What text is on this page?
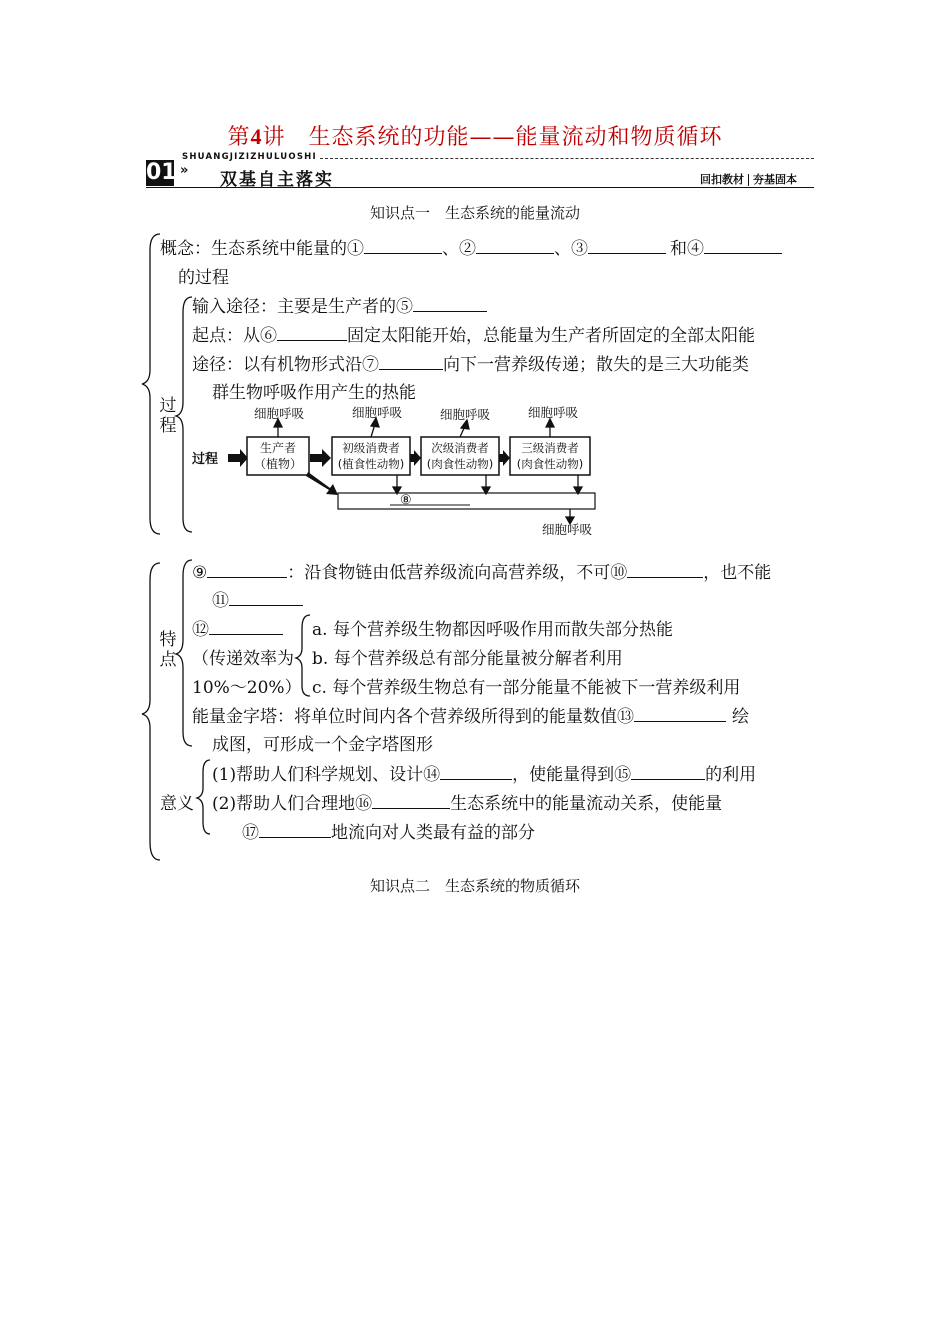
第4讲　生态系统的功能——能量流动和物质循环
01
SHUANGJIZIZHULUOSHI
» 双基自主落实	回扣教材 夯基固本
知识点一　生态系统的能量流动
概念：生态系统中能量的①	、②	、③	和④
的过程
过程
输入途径：主要是生产者的⑤
起点：从⑥	固定太阳能开始，总能量为生产者所固定的全部太阳能
途径：以有机物形式沿⑦	向下一营养级传递；散失的是三大功能类
群生物呼吸作用产生的热能
过程
细胞呼吸	细胞呼吸	细胞呼吸	细胞呼吸
生产者
（植物）
初级消费者
(植食性动物)
次级消费者
(肉食性动物)
三级消费者
(肉食性动物)
⑧
细胞呼吸
特点
⑨	：沿食物链由低营养级流向高营养级，不可⑩	，也不能
⑪
⑫
（传递效率为
10%～20%）
a. 每个营养级生物都因呼吸作用而散失部分热能
b. 每个营养级总有部分能量被分解者利用
c. 每个营养级生物总有一部分能量不能被下一营养级利用
能量金字塔：将单位时间内各个营养级所得到的能量数值⑬	绘
成图，可形成一个金字塔图形
意义
(1)帮助人们科学规划、设计⑭	，使能量得到⑮	的利用
(2)帮助人们合理地⑯	生态系统中的能量流动关系，使能量
⑰	地流向对人类最有益的部分
知识点二　生态系统的物质循环
